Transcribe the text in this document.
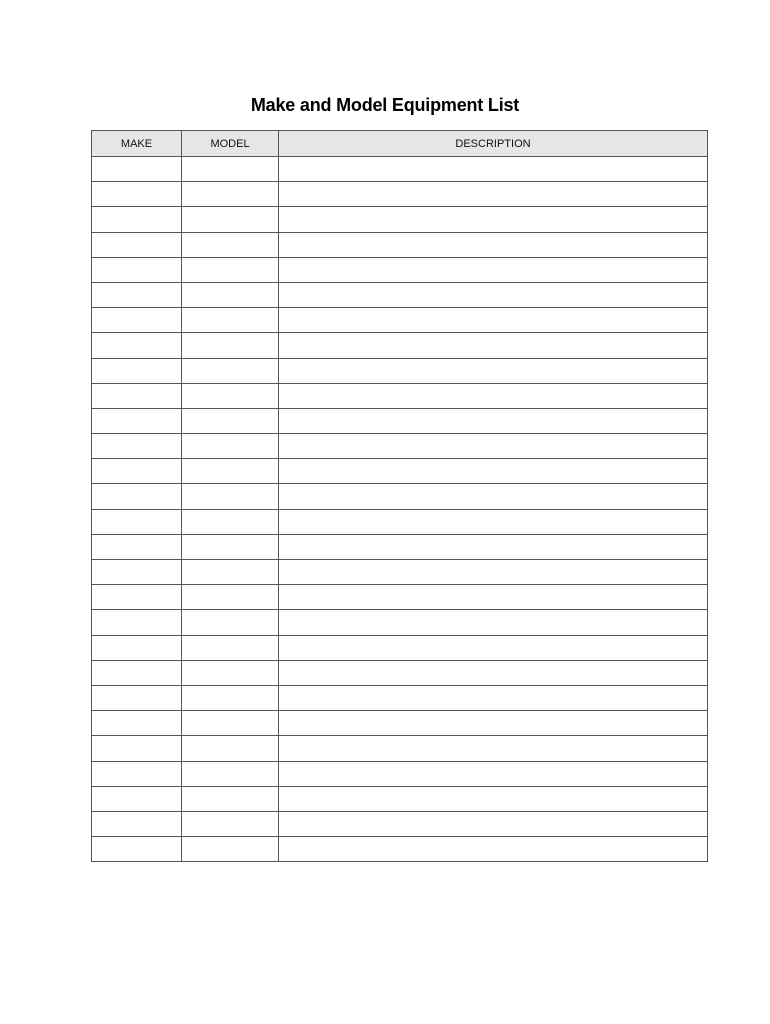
Make and Model Equipment List
MAKE	MODEL	DESCRIPTION
